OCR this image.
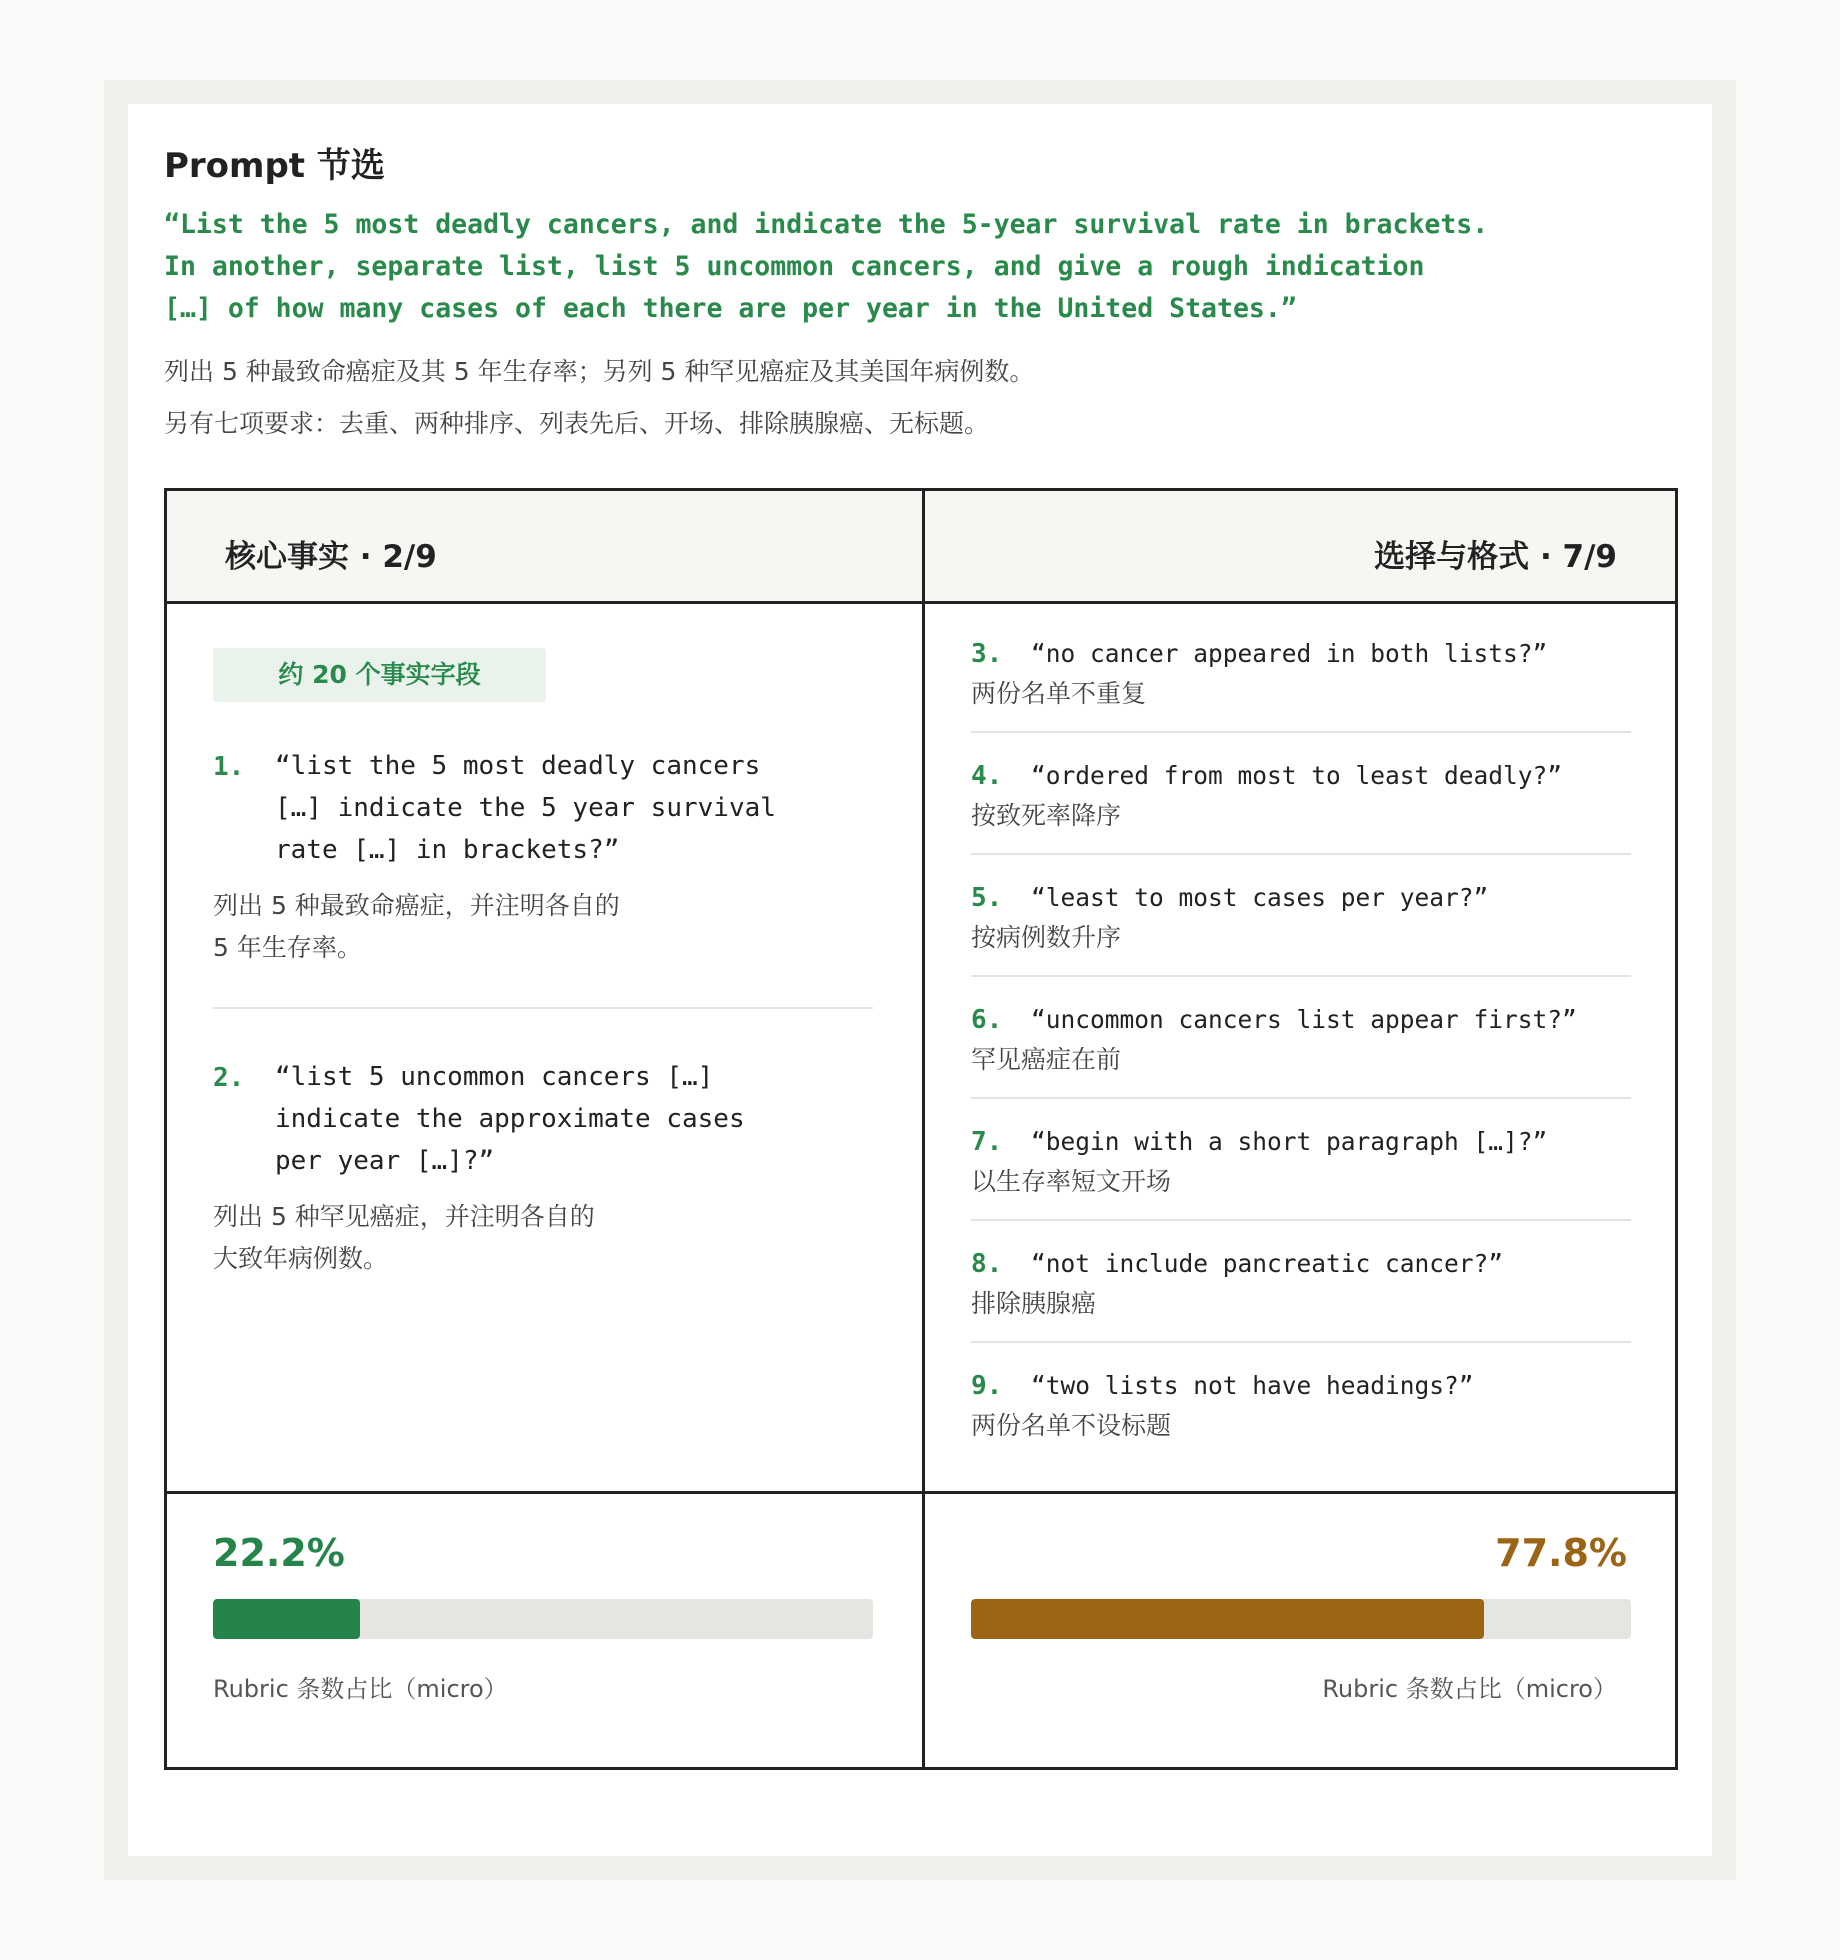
Prompt 节选
“List the 5 most deadly cancers, and indicate the 5-year survival rate in brackets.
In another, separate list, list 5 uncommon cancers, and give a rough indication
[…] of how many cases of each there are per year in the United States.”
列出 5 种最致命癌症及其 5 年生存率；另列 5 种罕见癌症及其美国年病例数。
另有七项要求：去重、两种排序、列表先后、开场、排除胰腺癌、无标题。
核心事实 · 2/9
约 20 个事实字段
1. “list the 5 most deadly cancers
[…] indicate the 5 year survival
rate […] in brackets?”
列出 5 种最致命癌症，并注明各自的
5 年生存率。
2. “list 5 uncommon cancers […]
indicate the approximate cases
per year […]?”
列出 5 种罕见癌症，并注明各自的
大致年病例数。
22.2%
Rubric 条数占比（micro）
选择与格式 · 7/9
3. “no cancer appeared in both lists?”
两份名单不重复
4. “ordered from most to least deadly?”
按致死率降序
5. “least to most cases per year?”
按病例数升序
6. “uncommon cancers list appear first?”
罕见癌症在前
7. “begin with a short paragraph […]?”
以生存率短文开场
8. “not include pancreatic cancer?”
排除胰腺癌
9. “two lists not have headings?”
两份名单不设标题
77.8%
Rubric 条数占比（micro）
